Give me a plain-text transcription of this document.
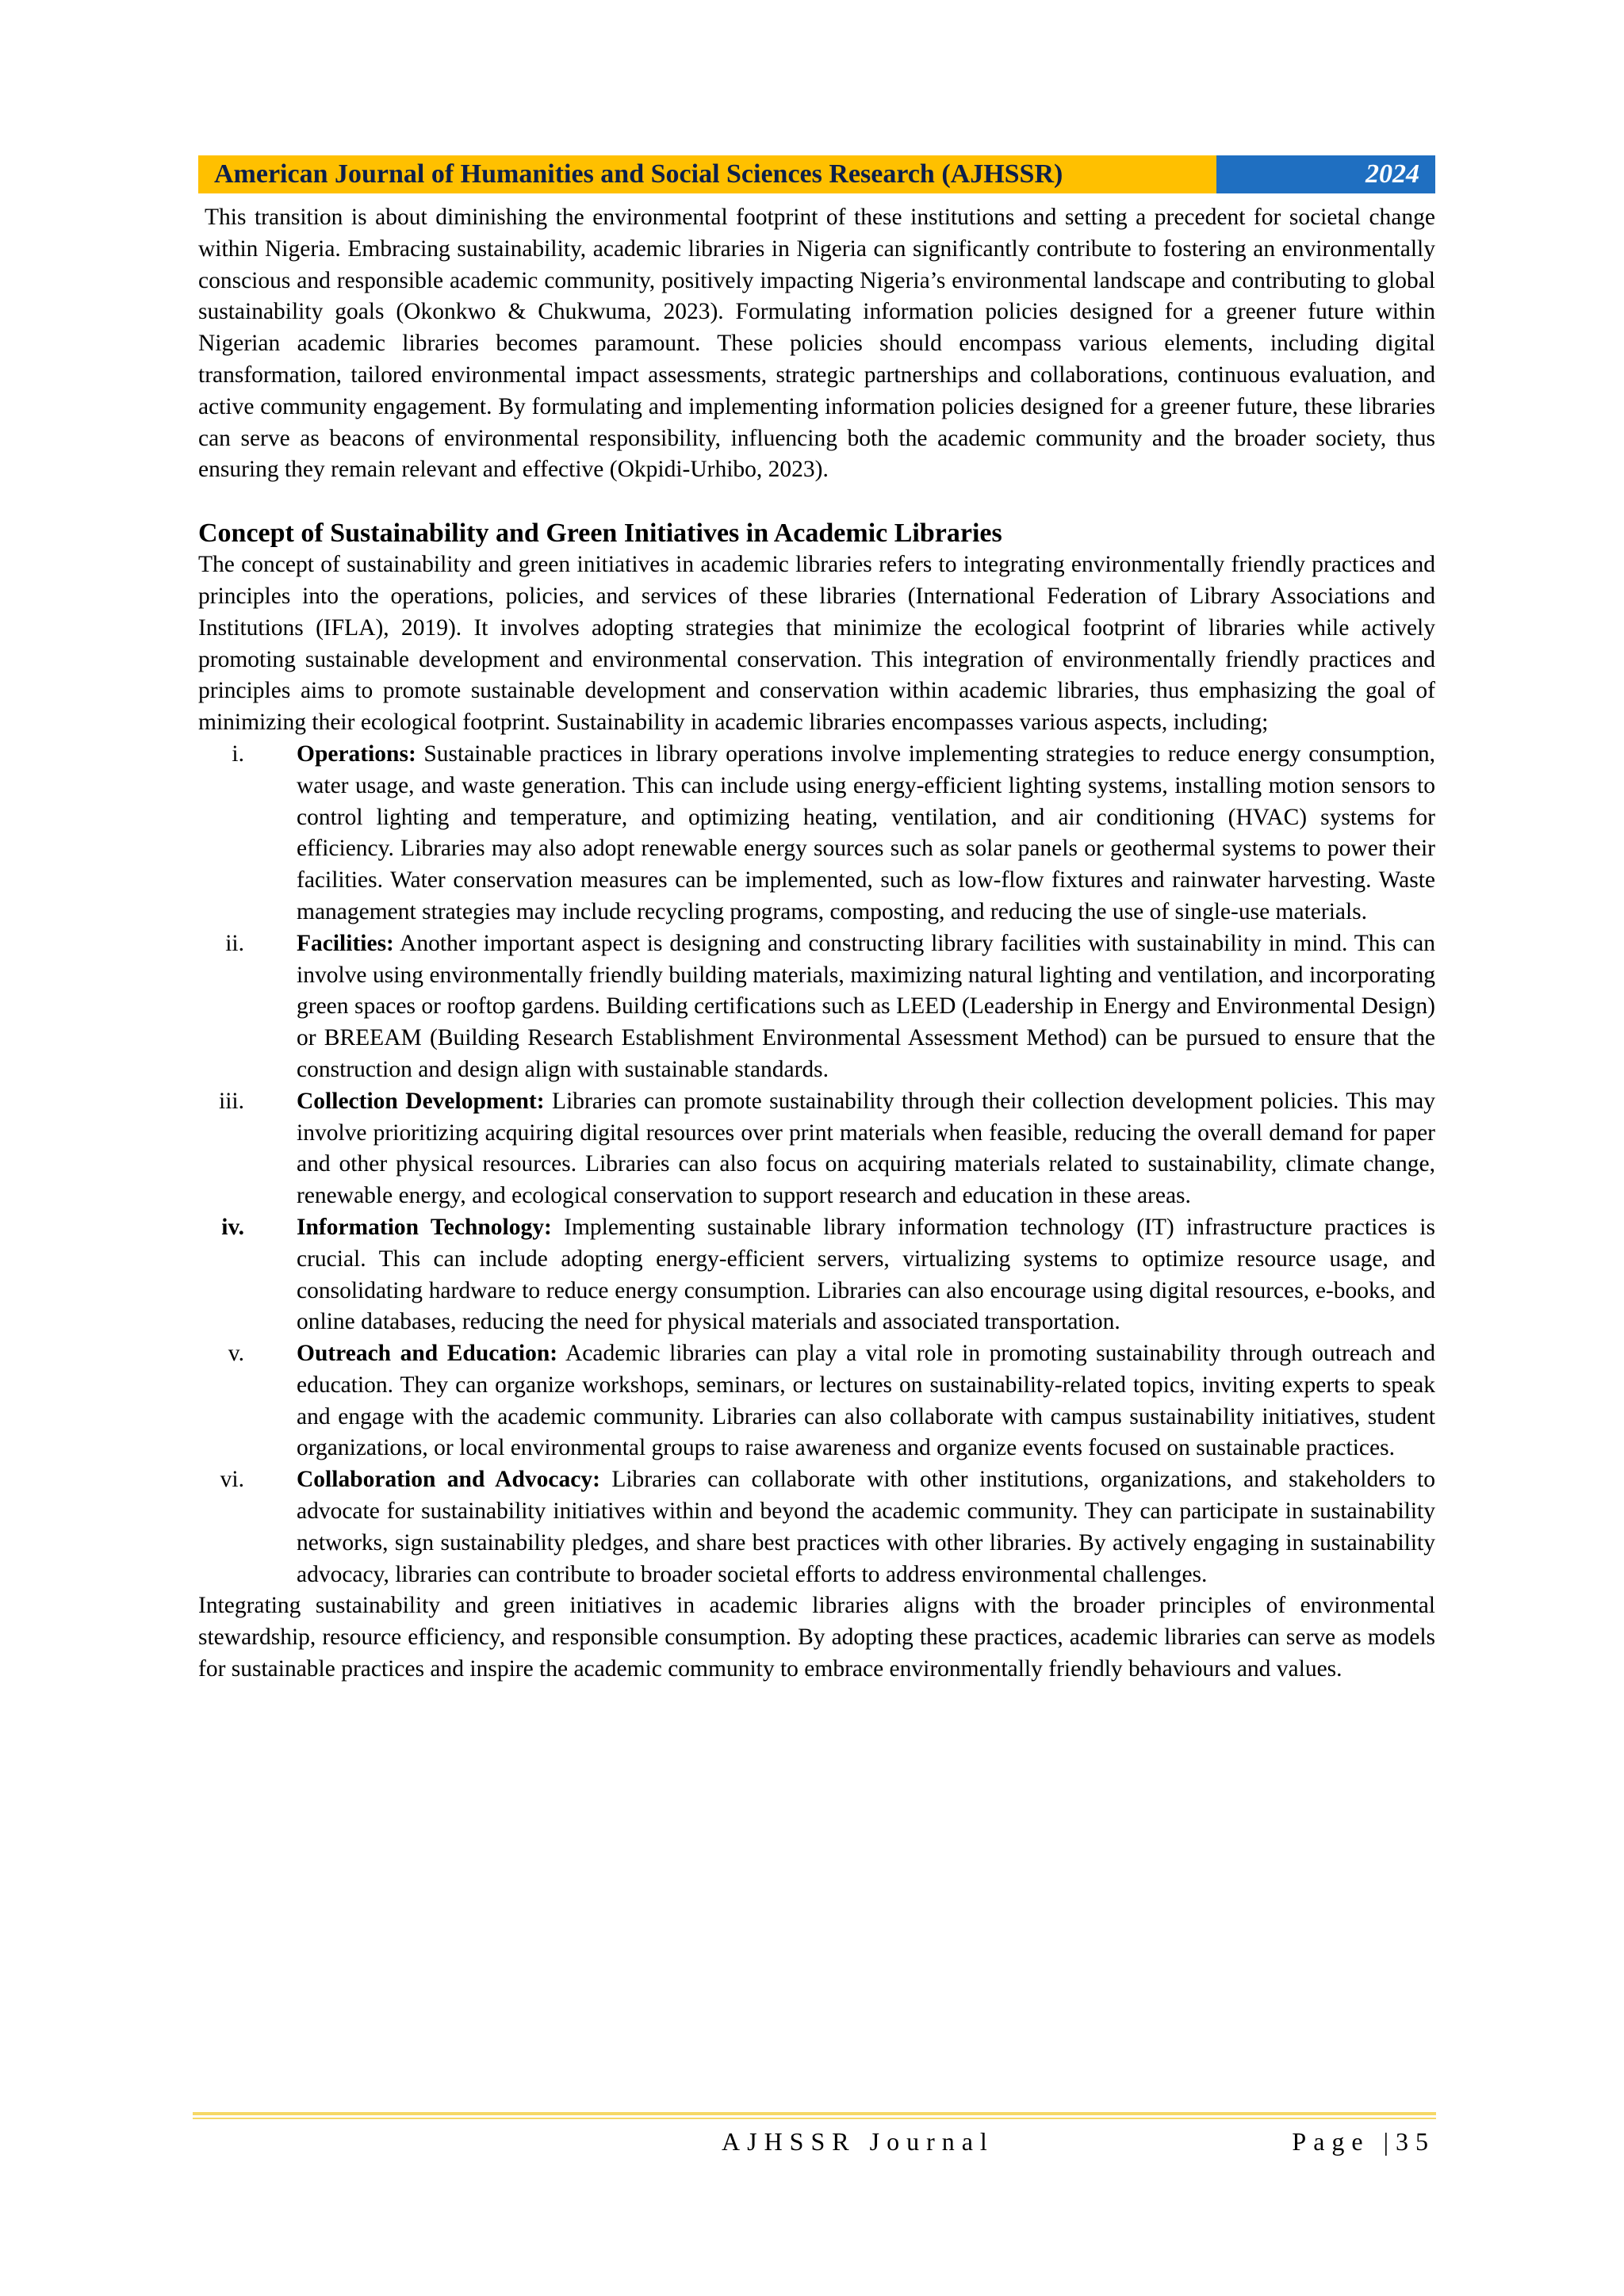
American Journal of Humanities and Social Sciences Research (AJHSSR)	2024

This transition is about diminishing the environmental footprint of these institutions and setting a precedent for societal change within Nigeria. Embracing sustainability, academic libraries in Nigeria can significantly contribute to fostering an environmentally conscious and responsible academic community, positively impacting Nigeria’s environmental landscape and contributing to global sustainability goals (Okonkwo & Chukwuma, 2023). Formulating information policies designed for a greener future within Nigerian academic libraries becomes paramount. These policies should encompass various elements, including digital transformation, tailored environmental impact assessments, strategic partnerships and collaborations, continuous evaluation, and active community engagement. By formulating and implementing information policies designed for a greener future, these libraries can serve as beacons of environmental responsibility, influencing both the academic community and the broader society, thus ensuring they remain relevant and effective (Okpidi-Urhibo, 2023).

Concept of Sustainability and Green Initiatives in Academic Libraries

The concept of sustainability and green initiatives in academic libraries refers to integrating environmentally friendly practices and principles into the operations, policies, and services of these libraries (International Federation of Library Associations and Institutions (IFLA), 2019). It involves adopting strategies that minimize the ecological footprint of libraries while actively promoting sustainable development and environmental conservation. This integration of environmentally friendly practices and principles aims to promote sustainable development and conservation within academic libraries, thus emphasizing the goal of minimizing their ecological footprint. Sustainability in academic libraries encompasses various aspects, including;

i.	Operations: Sustainable practices in library operations involve implementing strategies to reduce energy consumption, water usage, and waste generation. This can include using energy-efficient lighting systems, installing motion sensors to control lighting and temperature, and optimizing heating, ventilation, and air conditioning (HVAC) systems for efficiency. Libraries may also adopt renewable energy sources such as solar panels or geothermal systems to power their facilities. Water conservation measures can be implemented, such as low-flow fixtures and rainwater harvesting. Waste management strategies may include recycling programs, composting, and reducing the use of single-use materials.
ii.	Facilities: Another important aspect is designing and constructing library facilities with sustainability in mind. This can involve using environmentally friendly building materials, maximizing natural lighting and ventilation, and incorporating green spaces or rooftop gardens. Building certifications such as LEED (Leadership in Energy and Environmental Design) or BREEAM (Building Research Establishment Environmental Assessment Method) can be pursued to ensure that the construction and design align with sustainable standards.
iii.	Collection Development: Libraries can promote sustainability through their collection development policies. This may involve prioritizing acquiring digital resources over print materials when feasible, reducing the overall demand for paper and other physical resources. Libraries can also focus on acquiring materials related to sustainability, climate change, renewable energy, and ecological conservation to support research and education in these areas.
iv.	Information Technology: Implementing sustainable library information technology (IT) infrastructure practices is crucial. This can include adopting energy-efficient servers, virtualizing systems to optimize resource usage, and consolidating hardware to reduce energy consumption. Libraries can also encourage using digital resources, e-books, and online databases, reducing the need for physical materials and associated transportation.
v.	Outreach and Education: Academic libraries can play a vital role in promoting sustainability through outreach and education. They can organize workshops, seminars, or lectures on sustainability-related topics, inviting experts to speak and engage with the academic community. Libraries can also collaborate with campus sustainability initiatives, student organizations, or local environmental groups to raise awareness and organize events focused on sustainable practices.
vi.	Collaboration and Advocacy: Libraries can collaborate with other institutions, organizations, and stakeholders to advocate for sustainability initiatives within and beyond the academic community. They can participate in sustainability networks, sign sustainability pledges, and share best practices with other libraries. By actively engaging in sustainability advocacy, libraries can contribute to broader societal efforts to address environmental challenges.

Integrating sustainability and green initiatives in academic libraries aligns with the broader principles of environmental stewardship, resource efficiency, and responsible consumption. By adopting these practices, academic libraries can serve as models for sustainable practices and inspire the academic community to embrace environmentally friendly behaviours and values.

AJHSSR Journal	Page |35
